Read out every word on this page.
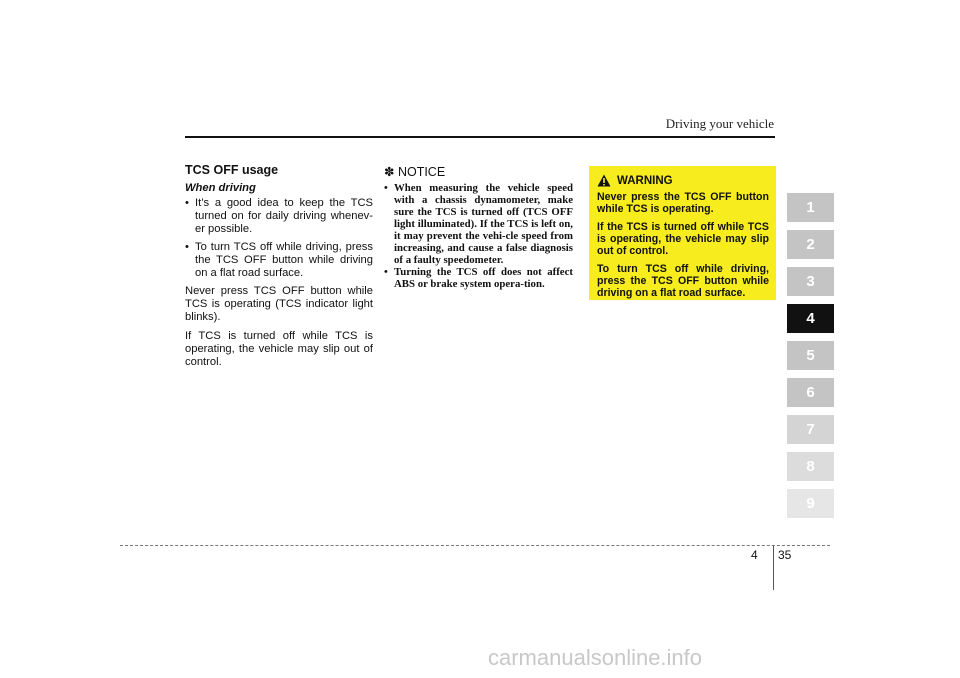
Driving your vehicle
TCS OFF usage
When driving
• It’s a good idea to keep the TCS turned on for daily driving whenev-er possible.
• To turn TCS off while driving, press the TCS OFF button while driving on a flat road surface.

Never press TCS OFF button while TCS is operating (TCS indicator light blinks).

If TCS is turned off while TCS is operating, the vehicle may slip out of control.

✽ NOTICE
• When measuring the vehicle speed with a chassis dynamometer, make sure the TCS is turned off (TCS OFF light illuminated). If the TCS is left on, it may prevent the vehi-cle speed from increasing, and cause a false diagnosis of a faulty speedometer.
• Turning the TCS off does not affect ABS or brake system opera-tion.
WARNING

Never press the TCS OFF button while TCS is operating.

If the TCS is turned off while TCS is operating, the vehicle may slip out of control.

To turn TCS off while driving, press the TCS OFF button while driving on a flat road surface.

1
2
3
4
5
6
7
8
9
4 35
carmanualsonline.info
